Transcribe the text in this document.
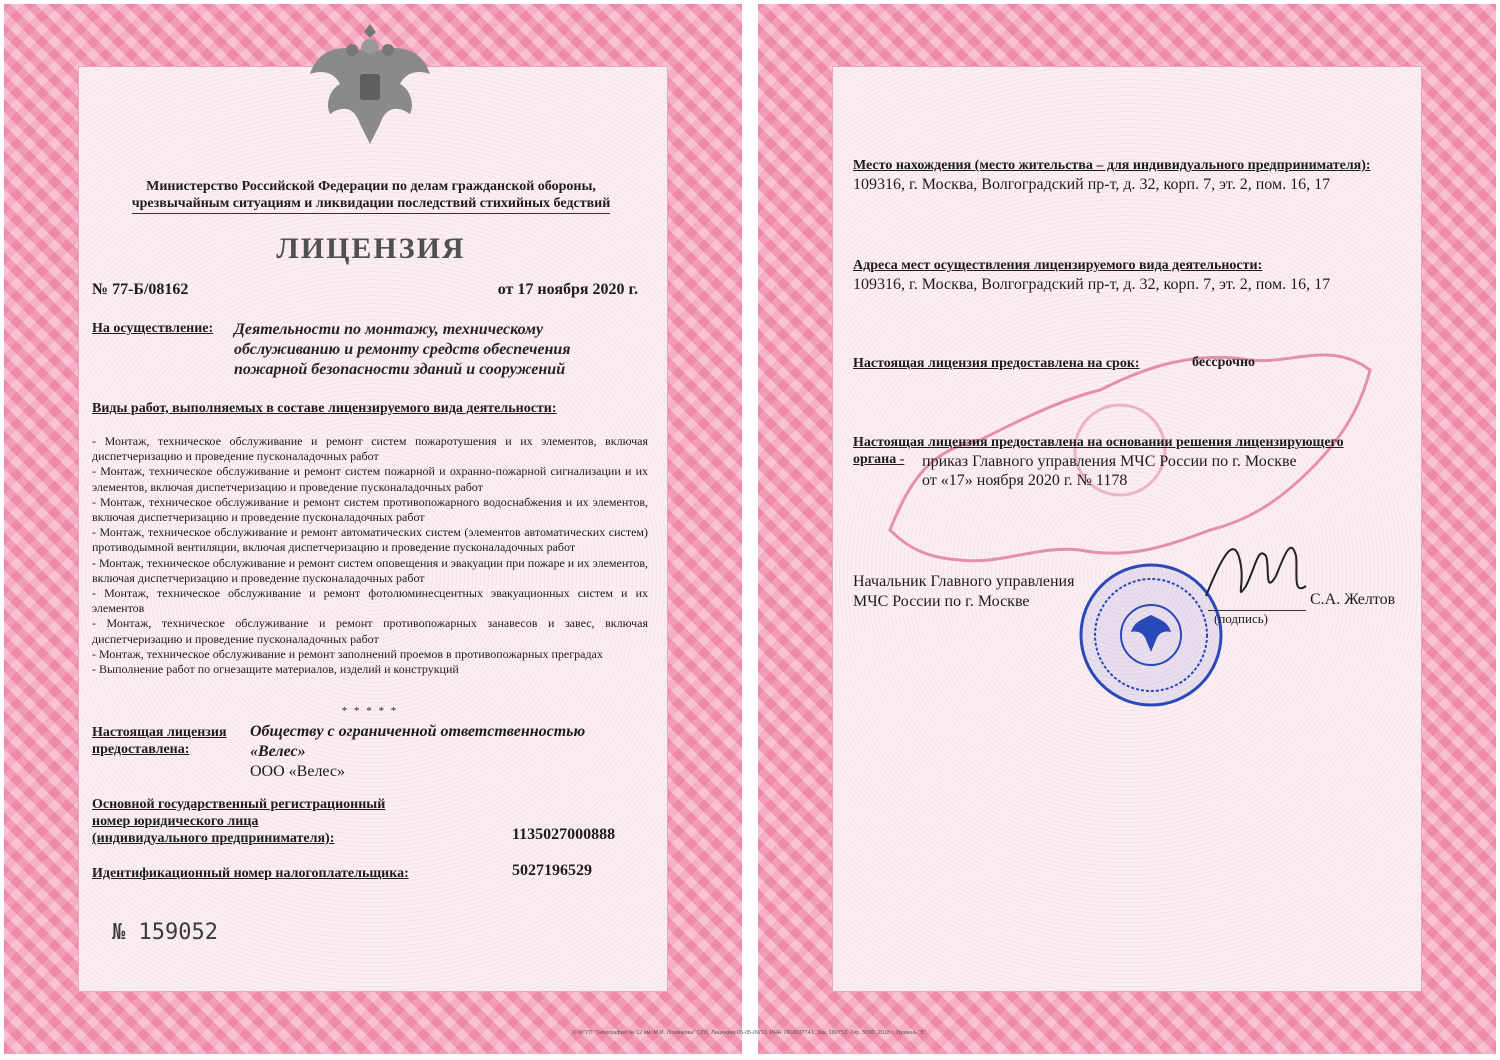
Министерство Российской Федерации по делам гражданской обороны,
чрезвычайным ситуациям и ликвидации последствий стихийных бедствий
ЛИЦЕНЗИЯ
№ 77-Б/08162	от 17 ноября 2020 г.
На осуществление: Деятельности по монтажу, техническому обслуживанию и ремонту средств обеспечения пожарной безопасности зданий и сооружений
Виды работ, выполняемых в составе лицензируемого вида деятельности:
- Монтаж, техническое обслуживание и ремонт систем пожаротушения и их элементов, включая диспетчеризацию и проведение пусконаладочных работ
- Монтаж, техническое обслуживание и ремонт систем пожарной и охранно-пожарной сигнализации и их элементов, включая диспетчеризацию и проведение пусконаладочных работ
- Монтаж, техническое обслуживание и ремонт систем противопожарного водоснабжения и их элементов, включая диспетчеризацию и проведение пусконаладочных работ
- Монтаж, техническое обслуживание и ремонт автоматических систем (элементов автоматических систем) противодымной вентиляции, включая диспетчеризацию и проведение пусконаладочных работ
- Монтаж, техническое обслуживание и ремонт систем оповещения и эвакуации при пожаре и их элементов, включая диспетчеризацию и проведение пусконаладочных работ
- Монтаж, техническое обслуживание и ремонт фотолюминесцентных эвакуационных систем и их элементов
- Монтаж, техническое обслуживание и ремонт противопожарных занавесов и завес, включая диспетчеризацию и проведение пусконаладочных работ
- Монтаж, техническое обслуживание и ремонт заполнений проемов в противопожарных преградах
- Выполнение работ по огнезащите материалов, изделий и конструкций
* * * * *
Настоящая лицензия
предоставлена:
Обществу с ограниченной ответственностью
«Велес»
ООО «Велес»
Основной государственный регистрационный
номер юридического лица
(индивидуального предпринимателя):	1135027000888
Идентификационный номер налогоплательщика:	5027196529
№ 159052
Место нахождения (место жительства – для индивидуального предпринимателя):
109316, г. Москва, Волгоградский пр-т, д. 32, корп. 7, эт. 2, пом. 16, 17
Адреса мест осуществления лицензируемого вида деятельности:
109316, г. Москва, Волгоградский пр-т, д. 32, корп. 7, эт. 2, пом. 16, 17
Настоящая лицензия предоставлена на срок:	бессрочно
Настоящая лицензия предоставлена на основании решения лицензирующего
органа -	приказ Главного управления МЧС России по г. Москве
от «17» ноября 2020 г. № 1178
Начальник Главного управления
МЧС России по г. Москве
(подпись)
С.А. Желтов
© ФГУП "Типография № 12 им. М.И. Лоханкова" СПб. Лицензия 05-05-09/19. ИНН 7808037741. Зак. 180753. Тир. 5000. 2018 г. Уровень "Б".
